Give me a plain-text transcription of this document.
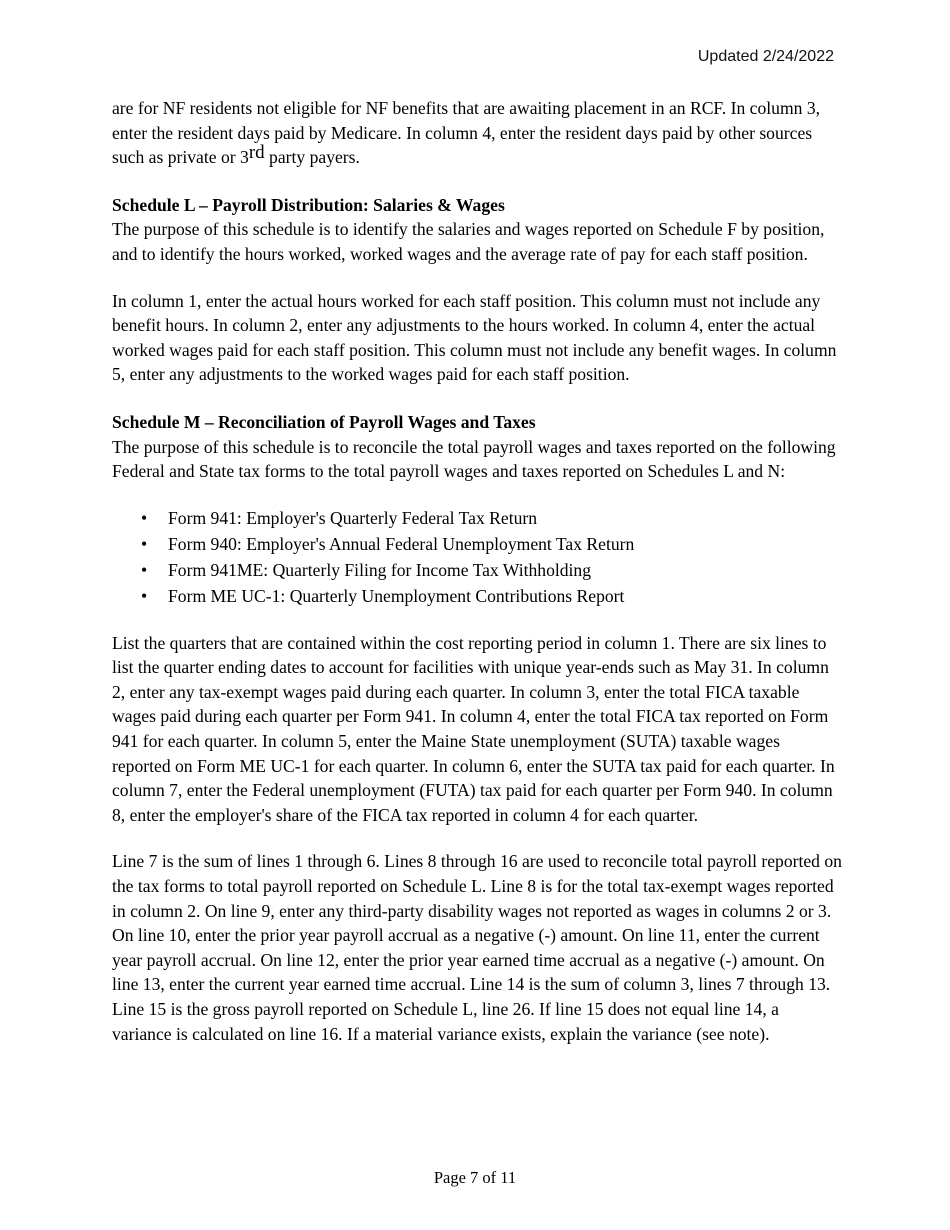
Updated 2/24/2022

are for NF residents not eligible for NF benefits that are awaiting placement in an RCF. In column 3, enter the resident days paid by Medicare. In column 4, enter the resident days paid by other sources such as private or 3rd party payers.

Schedule L – Payroll Distribution: Salaries & Wages

The purpose of this schedule is to identify the salaries and wages reported on Schedule F by position, and to identify the hours worked, worked wages and the average rate of pay for each staff position.

In column 1, enter the actual hours worked for each staff position. This column must not include any benefit hours. In column 2, enter any adjustments to the hours worked. In column 4, enter the actual worked wages paid for each staff position. This column must not include any benefit wages. In column 5, enter any adjustments to the worked wages paid for each staff position.

Schedule M – Reconciliation of Payroll Wages and Taxes

The purpose of this schedule is to reconcile the total payroll wages and taxes reported on the following Federal and State tax forms to the total payroll wages and taxes reported on Schedules L and N:

• Form 941: Employer's Quarterly Federal Tax Return
• Form 940: Employer's Annual Federal Unemployment Tax Return
• Form 941ME: Quarterly Filing for Income Tax Withholding
• Form ME UC-1: Quarterly Unemployment Contributions Report

List the quarters that are contained within the cost reporting period in column 1. There are six lines to list the quarter ending dates to account for facilities with unique year-ends such as May 31. In column 2, enter any tax-exempt wages paid during each quarter. In column 3, enter the total FICA taxable wages paid during each quarter per Form 941. In column 4, enter the total FICA tax reported on Form 941 for each quarter. In column 5, enter the Maine State unemployment (SUTA) taxable wages reported on Form ME UC-1 for each quarter. In column 6, enter the SUTA tax paid for each quarter. In column 7, enter the Federal unemployment (FUTA) tax paid for each quarter per Form 940. In column 8, enter the employer's share of the FICA tax reported in column 4 for each quarter.

Line 7 is the sum of lines 1 through 6. Lines 8 through 16 are used to reconcile total payroll reported on the tax forms to total payroll reported on Schedule L. Line 8 is for the total tax-exempt wages reported in column 2. On line 9, enter any third-party disability wages not reported as wages in columns 2 or 3. On line 10, enter the prior year payroll accrual as a negative (-) amount. On line 11, enter the current year payroll accrual. On line 12, enter the prior year earned time accrual as a negative (-) amount. On line 13, enter the current year earned time accrual. Line 14 is the sum of column 3, lines 7 through 13. Line 15 is the gross payroll reported on Schedule L, line 26. If line 15 does not equal line 14, a variance is calculated on line 16. If a material variance exists, explain the variance (see note).

Page 7 of 11
